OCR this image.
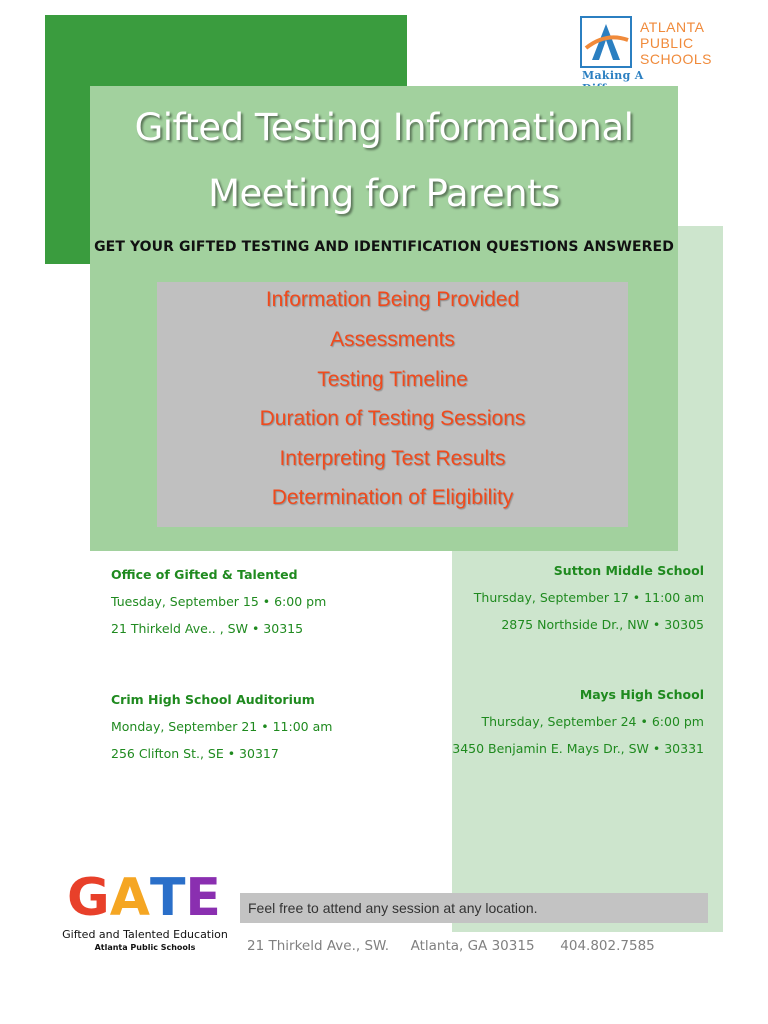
ATLANTA
PUBLIC
SCHOOLS
Making A
Gifted Testing Informational
Meeting for Parents
GET YOUR GIFTED TESTING AND IDENTIFICATION QUESTIONS ANSWERED
Information Being Provided
Assessments
Testing Timeline
Duration of Testing Sessions
Interpreting Test Results
Determination of Eligibility
Office of Gifted & Talented
Tuesday, September 15 • 6:00 pm
21 Thirkeld Ave.. , SW • 30315
Crim High School Auditorium
Monday, September 21 • 11:00 am
256 Clifton St., SE • 30317
Sutton Middle School
Thursday, September 17 • 11:00 am
2875 Northside Dr., NW • 30305
Mays High School
Thursday, September 24 • 6:00 pm
3450 Benjamin E. Mays Dr., SW • 30331
G A T E
Gifted and Talented Education
Atlanta Public Schools
Feel free to attend any session at any location.
21 Thirkeld Ave., SW. Atlanta, GA 30315 404.802.7585
